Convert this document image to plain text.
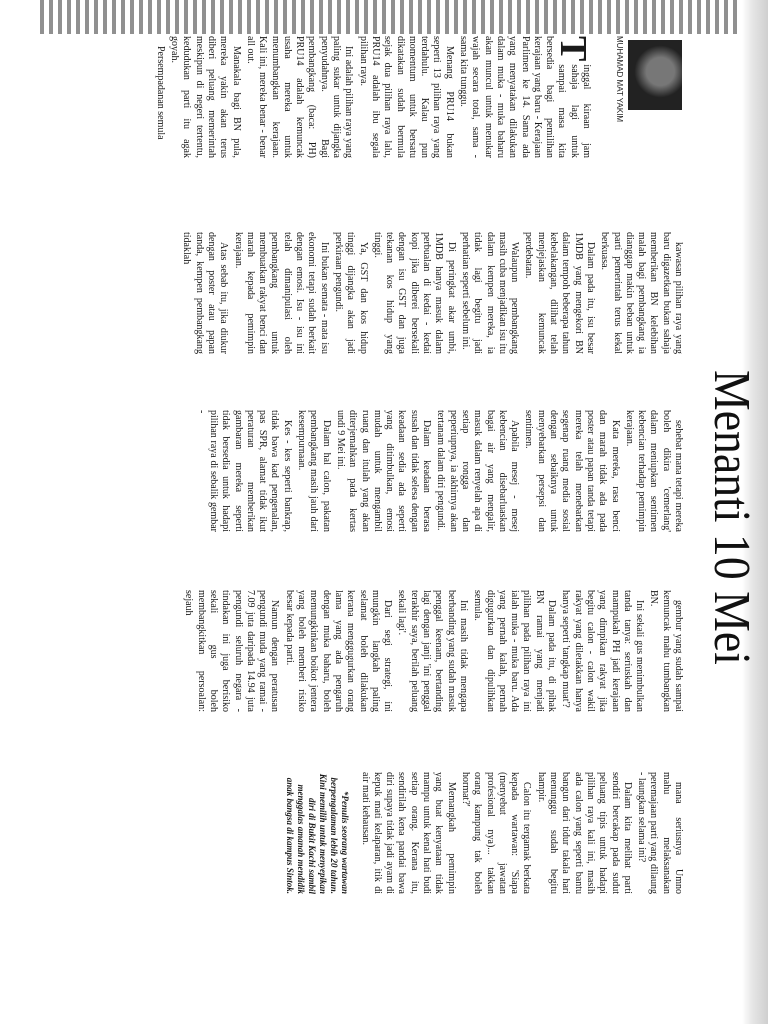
Menanti 10 Mei
MUHAMAD MAT YAKIM

T
inggal kiraan jam sahaja lagi untuk sampai masa kita bersedia bagi pemilihan kerajaan yang baru - Kerajaan Parlimen ke 14. Sama ada yang menyatakan dilakukan dalam muka - muka baharu akan muncul untuk menukar wajah secara total, sama - sama kita tunggu.

Menang PRU14 bukan seperti 13 pilihan raya yang terdahulu. Kalau pun momentum untuk bersatu dikatakan sudah bermula sejak dua pilihan raya lalu, PRU14 adalah ibu segala pilihan raya.

Ini adalah pilihan raya yang paling sukar untuk dijangka penyudahnya. Bagi pembangkang (baca: PH) PRU14 adalah kemuncak usaha mereka untuk menumbangkan kerajaan. Kali ini, mereka benar - benar all out.

Manakala bagi BN pula, mereka yakin akan terus diberi peluang memerintah meskipun di negeri tertentu, kedudukan parti itu agak goyah.

Persempadanan semula

kawasan pilihan raya yang baru digazetkan bukan sahaja memberikan BN kelebihan malah bagi pembangkang ia dianggap makin beban untuk parti pemerintah terus kekal berkuasa.

Dalam pada itu, isu besar 1MDB yang mengekori BN dalam tempoh beberapa tahun kebelakangan, dilihat telah menjejaskan kemuncak perdebatan.

Walaupun pembangkang masih cuba menjadikan isu itu dalam kempen mereka, ia tidak lagi begitu jadi perhatian seperti sebelum ini.

Di peringkat akar umbi, 1MDB hanya masuk dalam perbualan di kedai - kedai kopi jika diberei bersekali dengan isu GST dan juga tekanan kos hidup yang tinggi.

Ya, GST dan kos hidup tinggi dijangka akan jadi perkiraan pengundi.

Ini bukan semata - mata isu ekonomi tetapi sudah berkait dengan emosi. Isu - isu ini telah dimanipulasi oleh pembangkang untuk membuatkan rakyat benci dan marah kepada pemimpin kerajaan.

Atas sebab itu, jika diukur dengan poster atau papan tanda, kempen pembangkang tidaklah

sehebat mana tetapi mereka boleh dikira 'cemerlang' dalam meniupkan sentimen kebencian terhadap pemimpin kerajaan.

Kata mereka, rasa benci dan marah tidak ada pada poster atau papan tanda tetapi mereka telah menebarkan segenap ruang media sosial dengan sebaiknya untuk menyebarkan persepsi dan sentimen.

Apabila mesej - mesej kebencian disebarluaskan bagai air yang mengalir, masuk dalam renyelah apa di setiap rongga dan peperiupnya, ia akhirnya akan tertanam dalam diri pengundi.

Dalam keadaan berasa susah dan tidak selesa dengan keadaan sedia ada seperti yang ditimbulkan, emosi mudah untuk mengambil ruang dan itulah yang akan diterjemahkan pada kertas undi 9 Mei ini.

Dalam hal calon, pakatan pembangkang masih jauh dari kesempurnaan.

Kes - kes seperti bankrap, tidak bawa kad pengenalan, pas SPR, alamat tidak ikut peraturan memberikan gambaran mereka seperti tidak bersedia untuk hadapi pilihan raya di sebalik gembar -

gembur yang sudah sampai kemuncak mahu tumbangkan BN.

Ini sekali gus menimbulkan tanda tanya: seriuskah dan mampukah PH jadi kerajaan yang dimpikan rakyat jika begitu calon - calon wakil rakyat yang diletakkan hanya hanya seperti 'tangkap muat'?

Dalam pada itu, di pihak BN ramai yang menjadi pilihan pada pilihan raya ini ialah muka - muka baru. Ada yang pernah kalah, pernah digugurkan dan dipulihkan semula.

Ini masih tidak mengapa berbanding yang sudah masuk penggal keenam, bertanding lagi dengan janji 'ini penggal terakhir saya, berilah peluang sekali lagi'.

Dari segi strategi, ini mungkin langkah paling selamat boleh dilakukan kerana menggugurkan orang lama yang ada pengaruh dengan muka baharu, boleh memungkinkan boikot jentera yang boleh memberi risiko besar kepada parti.

Namun dengan peratusan pengundi muda yang ramai - 7.09 juta daripada 14.94 juta pengundi seluruh negara - tindakan ini juga berisiko sekali gus boleh membangkitkan persoalan: sejauh

mana seriusnya Umno mahu melaksanakan peremajaan parti yang dilaung - laungkan selama ini?

Dalam kita melihat parti sendiri bercakap pada sudut peluang tipis untuk hadapi pilihan raya kali ini, masih ada calon yang seperti bantu bangun dari tidur takala hari menunggu sudah begitu hampir.

Calon itu tergamak berkata kepada wartawan: 'Siapa (menyebut jawatan profesional nya)... takkan orang kampung tak boleh hormat?'

Memangkah pemimpin yang buat kenyataan tidak mampu untuk kenal hati budi setiap orang. Kerana itu, sendirilah kena pandai bawa diri supaya tidak jadi ayam di kepuk mati kelaparan, itik di air mati kehausan.

*Penulis seorang wartawan berpengalaman lebih 20 tahun. Kini memilih untuk menyepikan diri di Bukit Kachi sambil menggalas amanah mendidik anak bangsa di kampus Sintok.
